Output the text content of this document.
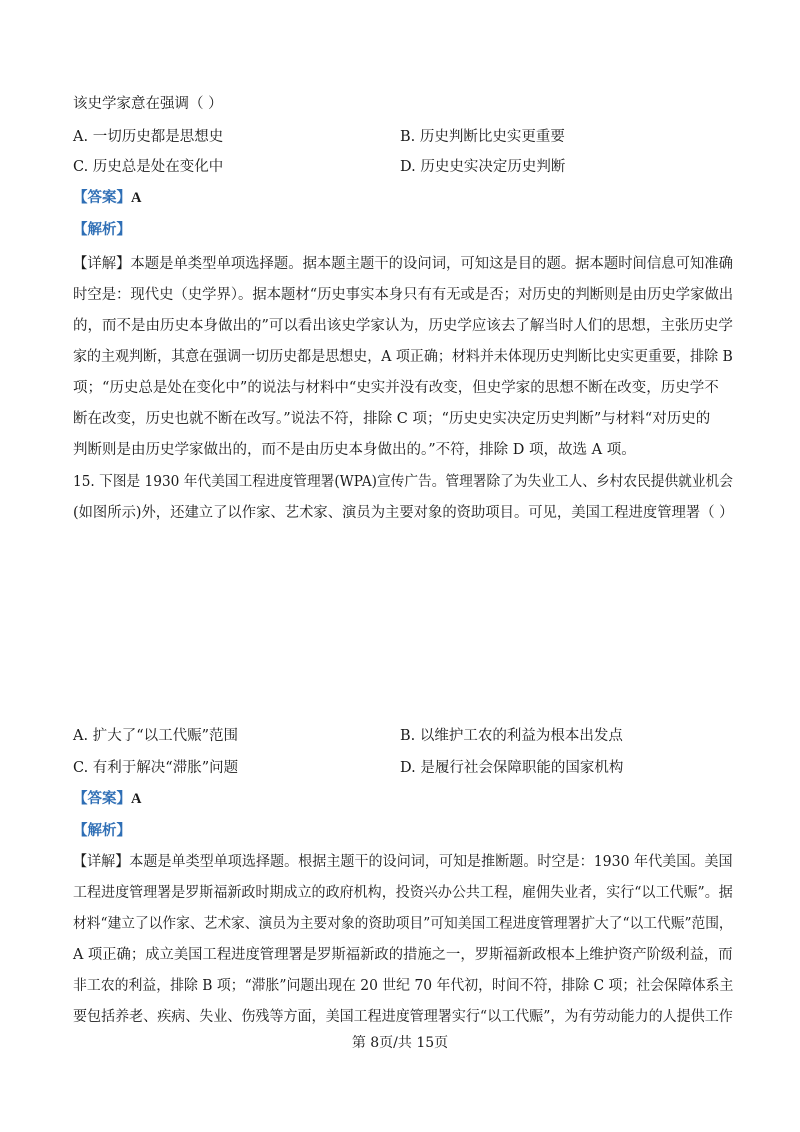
该史学家意在强调（ ）
A. 一切历史都是思想史	B. 历史判断比史实更重要
C. 历史总是处在变化中	D. 历史史实决定历史判断
【答案】A
【解析】
【详解】本题是单类型单项选择题。据本题主题干的设问词，可知这是目的题。据本题时间信息可知准确
时空是：现代史（史学界）。据本题材“历史事实本身只有有无或是否；对历史的判断则是由历史学家做出
的，而不是由历史本身做出的”可以看出该史学家认为，历史学应该去了解当时人们的思想，主张历史学
家的主观判断，其意在强调一切历史都是思想史，A 项正确；材料并未体现历史判断比史实更重要，排除 B
项；“历史总是处在变化中”的说法与材料中“史实并没有改变，但史学家的思想不断在改变，历史学不
断在改变，历史也就不断在改写。”说法不符，排除 C 项；“历史史实决定历史判断”与材料“对历史的
判断则是由历史学家做出的，而不是由历史本身做出的。”不符，排除 D 项，故选 A 项。
15. 下图是 1930 年代美国工程进度管理署(WPA)宣传广告。管理署除了为失业工人、乡村农民提供就业机会
(如图所示)外，还建立了以作家、艺术家、演员为主要对象的资助项目。可见，美国工程进度管理署（ ）
A. 扩大了“以工代赈”范围	B. 以维护工农的利益为根本出发点
C. 有利于解决“滞胀”问题	D. 是履行社会保障职能的国家机构
【答案】A
【解析】
【详解】本题是单类型单项选择题。根据主题干的设问词，可知是推断题。时空是：1930 年代美国。美国
工程进度管理署是罗斯福新政时期成立的政府机构，投资兴办公共工程，雇佣失业者，实行“以工代赈”。据
材料“建立了以作家、艺术家、演员为主要对象的资助项目”可知美国工程进度管理署扩大了“以工代赈”范围，
A 项正确；成立美国工程进度管理署是罗斯福新政的措施之一，罗斯福新政根本上维护资产阶级利益，而
非工农的利益，排除 B 项；“滞胀”问题出现在 20 世纪 70 年代初，时间不符，排除 C 项；社会保障体系主
要包括养老、疾病、失业、伤残等方面，美国工程进度管理署实行“以工代赈”，为有劳动能力的人提供工作
第 8页/共 15页
